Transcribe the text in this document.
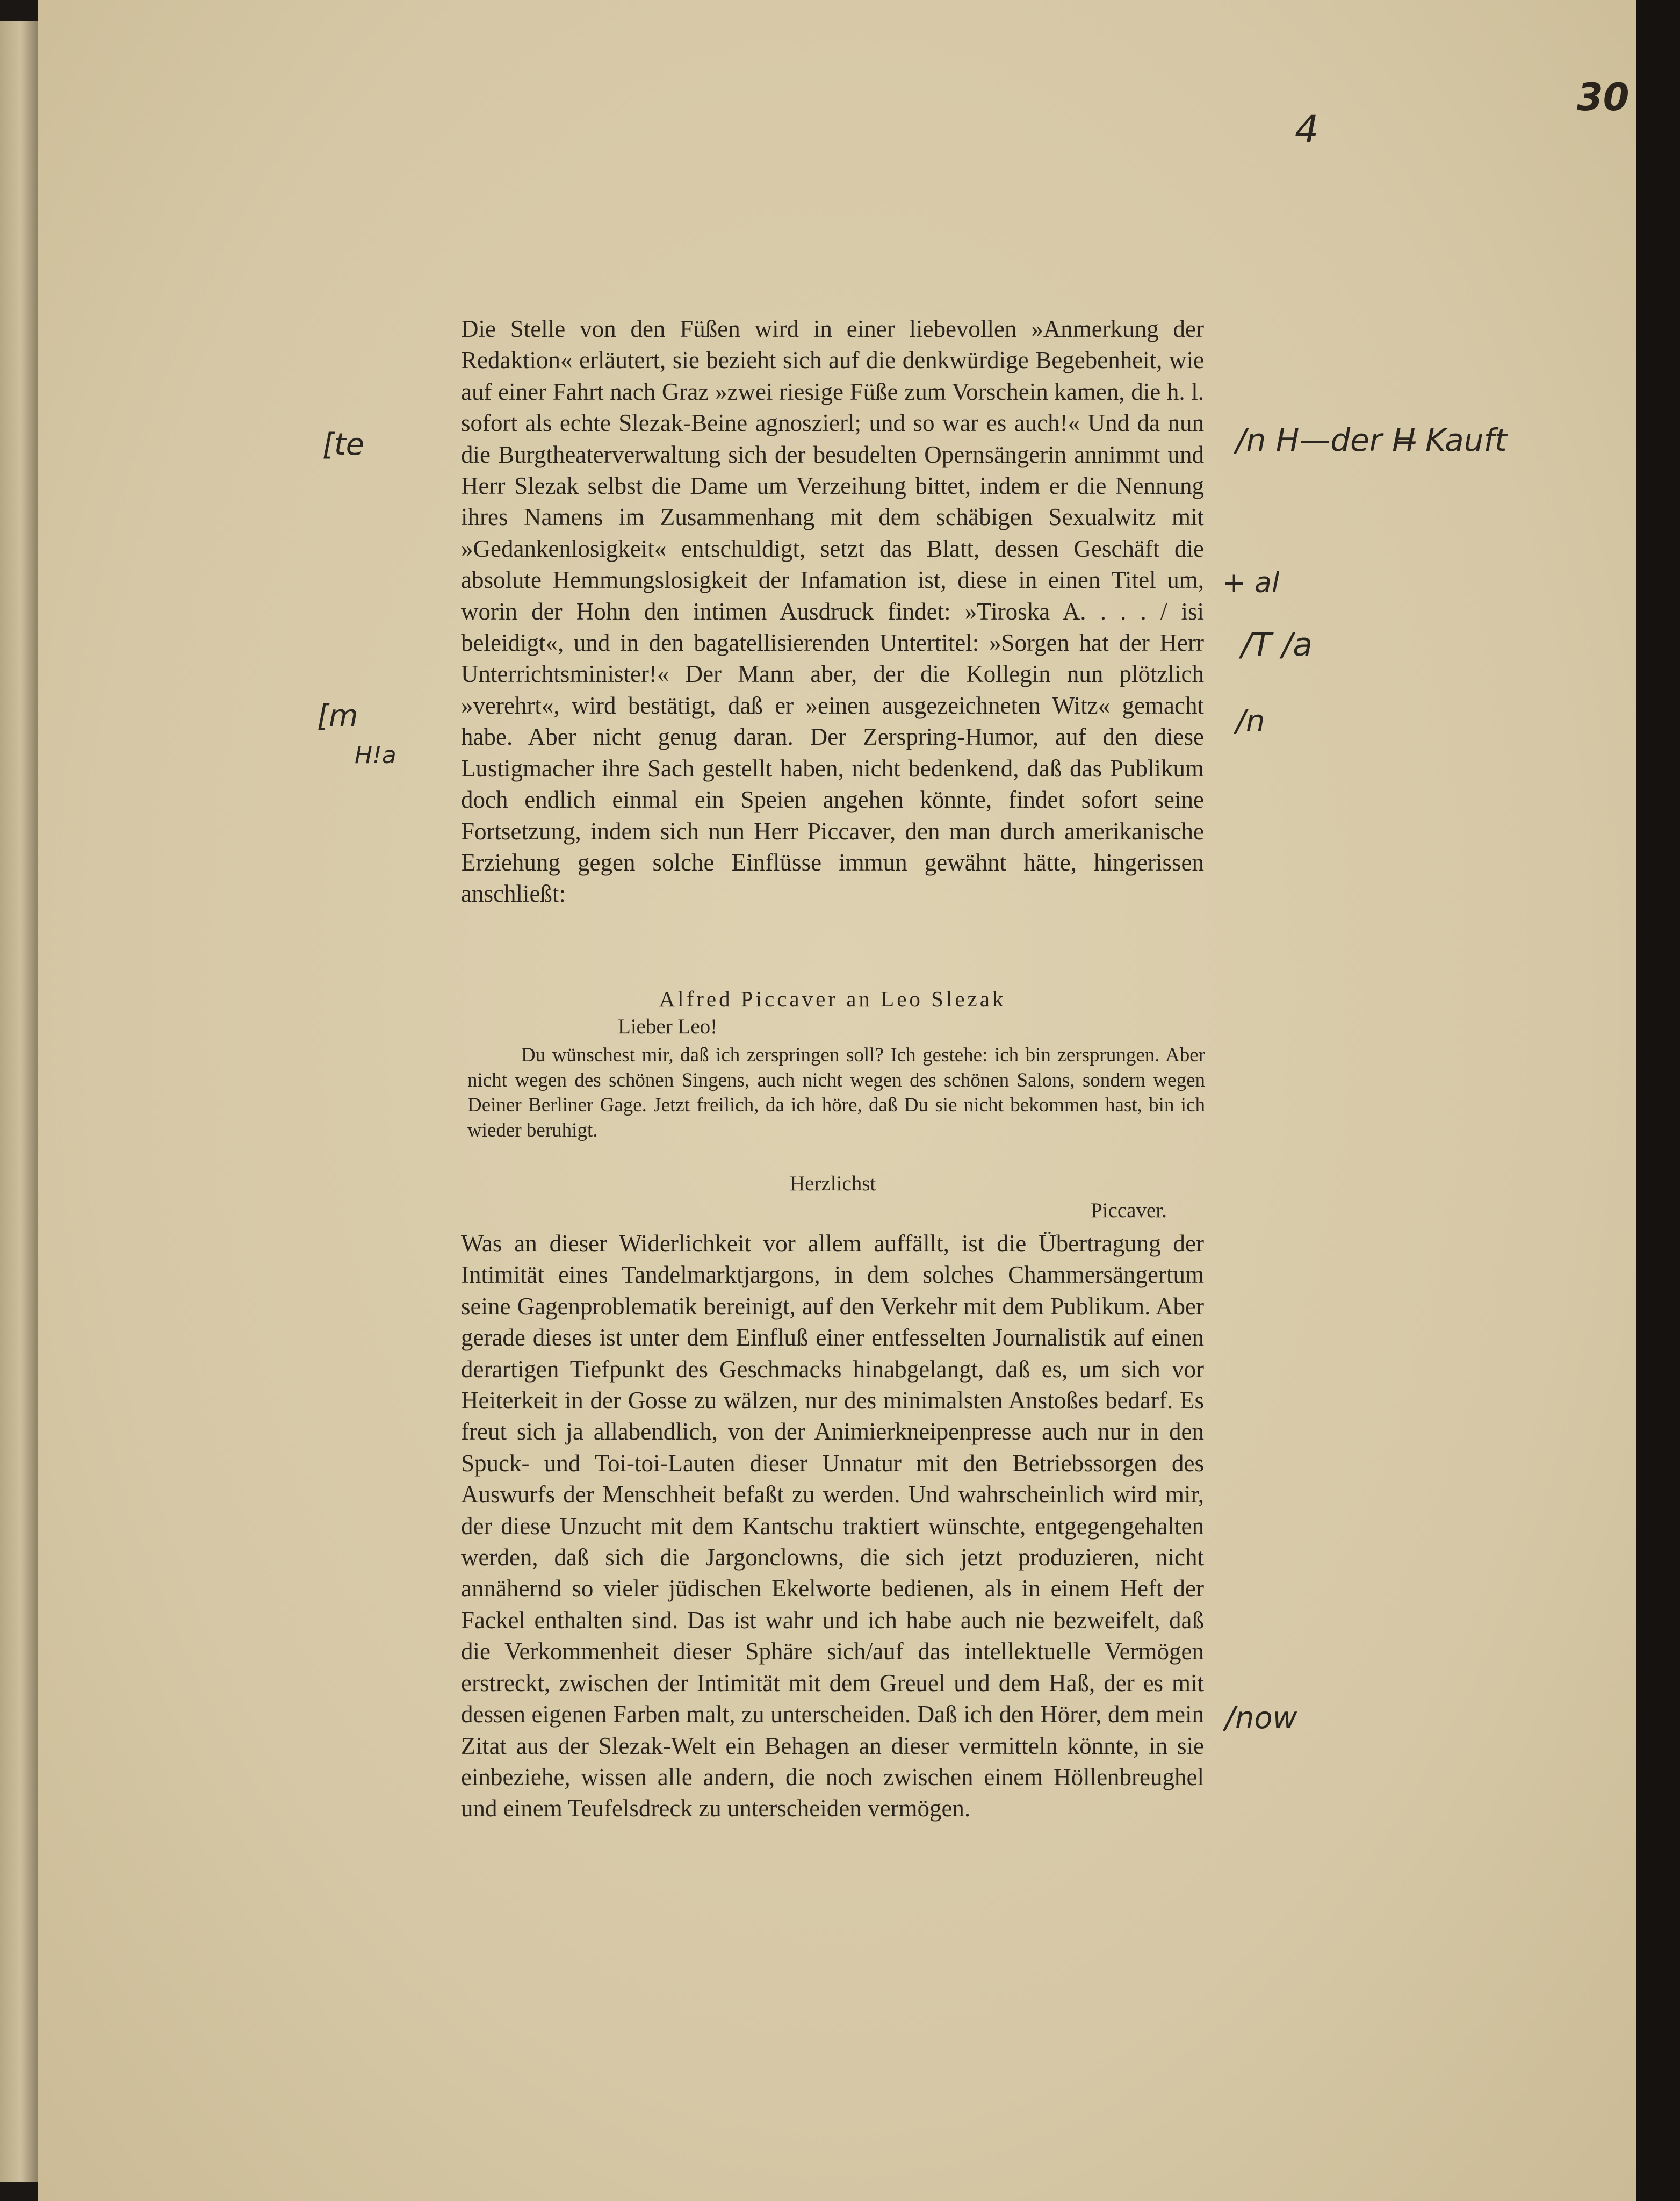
30
4
/n H—der H̶ Kauft
+ al
/T /a
/n
/now
[te
[m
H!a

Die Stelle von den Füßen wird in einer liebevollen »Anmerkung der Redaktion« erläutert, sie bezieht sich auf die denkwürdige Begebenheit, wie auf einer Fahrt nach Graz »zwei riesige Füße zum Vorschein kamen, die h. l. sofort als echte Slezak-Beine agnoszierl; und so war es auch!« Und da nun die Burgtheaterverwaltung sich der besudelten Opernsängerin annimmt und Herr Slezak selbst die Dame um Verzeihung bittet, indem er die Nennung ihres Namens im Zusammenhang mit dem schäbigen Sexualwitz mit »Gedankenlosigkeit« entschuldigt, setzt das Blatt, dessen Geschäft die absolute Hemmungslosigkeit der Infamation ist, diese in einen Titel um, worin der Hohn den intimen Ausdruck findet: »Tiroska A. . . . / isi beleidigt«, und in den bagatellisierenden Untertitel: »Sorgen hat der Herr Unterrichtsminister!« Der Mann aber, der die Kollegin nun plötzlich »verehrt«, wird bestätigt, daß er »einen ausgezeichneten Witz« gemacht habe. Aber nicht genug daran. Der Zerspring-Humor, auf den diese Lustigmacher ihre Sach gestellt haben, nicht bedenkend, daß das Publikum doch endlich einmal ein Speien angehen könnte, findet sofort seine Fortsetzung, indem sich nun Herr Piccaver, den man durch amerikanische Erziehung gegen solche Einflüsse immun gewähnt hätte, hingerissen anschließt:

Alfred Piccaver an Leo Slezak
Lieber Leo!
Du wünschest mir, daß ich zerspringen soll? Ich gestehe: ich bin zersprungen. Aber nicht wegen des schönen Singens, auch nicht wegen des schönen Salons, sondern wegen Deiner Berliner Gage. Jetzt freilich, da ich höre, daß Du sie nicht bekommen hast, bin ich wieder beruhigt.
Herzlichst
Piccaver.

Was an dieser Widerlichkeit vor allem auffällt, ist die Übertragung der Intimität eines Tandelmarktjargons, in dem solches Chammersängertum seine Gagenproblematik bereinigt, auf den Verkehr mit dem Publikum. Aber gerade dieses ist unter dem Einfluß einer entfesselten Journalistik auf einen derartigen Tiefpunkt des Geschmacks hinabgelangt, daß es, um sich vor Heiterkeit in der Gosse zu wälzen, nur des minimalsten Anstoßes bedarf. Es freut sich ja allabendlich, von der Animierkneipenpresse auch nur in den Spuck- und Toi-toi-Lauten dieser Unnatur mit den Betriebssorgen des Auswurfs der Menschheit befaßt zu werden. Und wahrscheinlich wird mir, der diese Unzucht mit dem Kantschu traktiert wünschte, entgegengehalten werden, daß sich die Jargonclowns, die sich jetzt produzieren, nicht annähernd so vieler jüdischen Ekelworte bedienen, als in einem Heft der Fackel enthalten sind. Das ist wahr und ich habe auch nie bezweifelt, daß die Verkommenheit dieser Sphäre sich/auf das intellektuelle Vermögen erstreckt, zwischen der Intimität mit dem Greuel und dem Haß, der es mit dessen eigenen Farben malt, zu unterscheiden. Daß ich den Hörer, dem mein Zitat aus der Slezak-Welt ein Behagen an dieser vermitteln könnte, in sie einbeziehe, wissen alle andern, die noch zwischen einem Höllenbreughel und einem Teufelsdreck zu unterscheiden vermögen.
